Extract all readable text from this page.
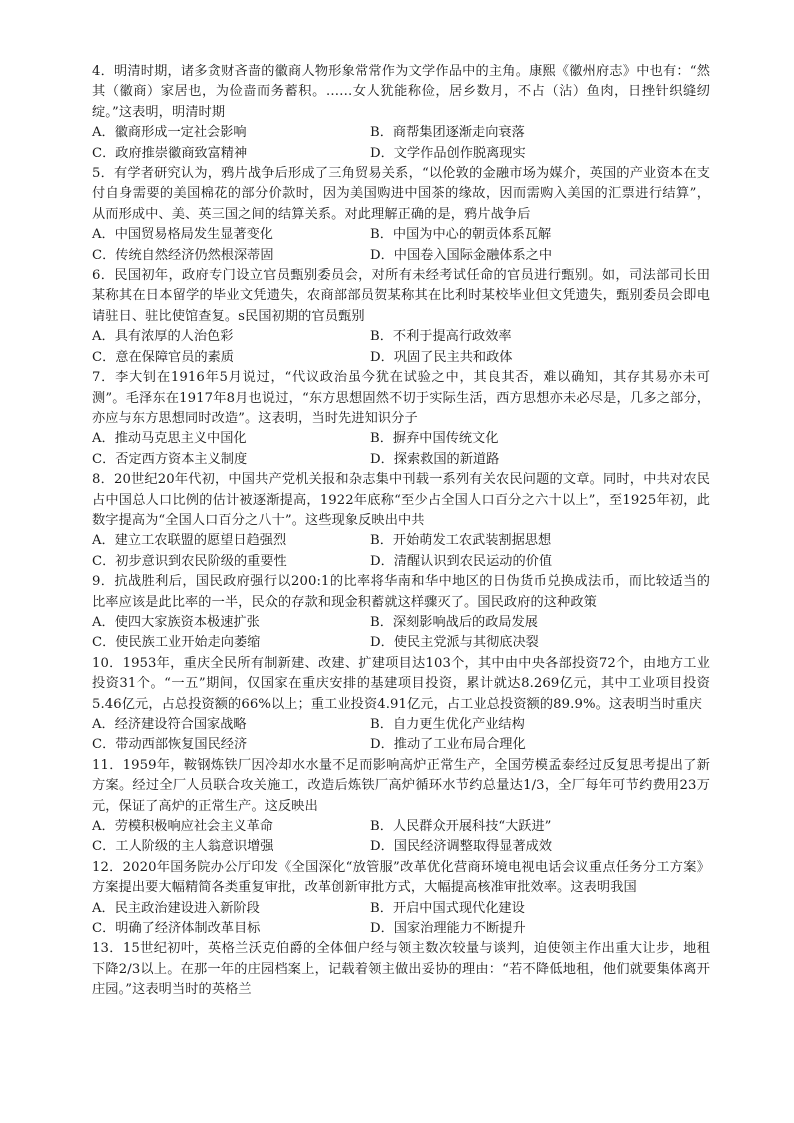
4．明清时期，诸多贪财吝啬的徽商人物形象常常作为文学作品中的主角。康熙《徽州府志》中也有：“然其（徽商）家居也，为俭啬而务蓄积。……女人犹能称俭，居乡数月，不占（沾）鱼肉，日挫针织缝纫绽。”这表明，明清时期

A．徽商形成一定社会影响	B．商帮集团逐渐走向衰落
C．政府推崇徽商致富精神	D．文学作品创作脱离现实

5．有学者研究认为，鸦片战争后形成了三角贸易关系，“以伦敦的金融市场为媒介，英国的产业资本在支付自身需要的美国棉花的部分价款时，因为美国购进中国茶的缘故，因而需购入美国的汇票进行结算”，从而形成中、美、英三国之间的结算关系。对此理解正确的是，鸦片战争后

A．中国贸易格局发生显著变化	B．中国为中心的朝贡体系瓦解
C．传统自然经济仍然根深蒂固	D．中国卷入国际金融体系之中

6．民国初年，政府专门设立官员甄别委员会，对所有未经考试任命的官员进行甄别。如，司法部司长田某称其在日本留学的毕业文凭遗失，农商部部员贺某称其在比利时某校毕业但文凭遗失，甄别委员会即电请驻日、驻比使馆查复。s民国初期的官员甄别

A．具有浓厚的人治色彩	B．不利于提高行政效率
C．意在保障官员的素质	D．巩固了民主共和政体

7．李大钊在1916年5月说过，“代议政治虽今犹在试验之中，其良其否，难以确知，其存其易亦未可测”。毛泽东在1917年8月也说过，“东方思想固然不切于实际生活，西方思想亦未必尽是，几多之部分，亦应与东方思想同时改造”。这表明，当时先进知识分子

A．推动马克思主义中国化	B．摒弃中国传统文化
C．否定西方资本主义制度	D．探索救国的新道路

8．20世纪20年代初，中国共产党机关报和杂志集中刊载一系列有关农民问题的文章。同时，中共对农民占中国总人口比例的估计被逐渐提高，1922年底称“至少占全国人口百分之六十以上”，至1925年初，此数字提高为“全国人口百分之八十”。这些现象反映出中共

A．建立工农联盟的愿望日趋强烈	B．开始萌发工农武装割据思想
C．初步意识到农民阶级的重要性	D．清醒认识到农民运动的价值

9．抗战胜利后，国民政府强行以200:1的比率将华南和华中地区的日伪货币兑换成法币，而比较适当的比率应该是此比率的一半，民众的存款和现金积蓄就这样骤灭了。国民政府的这种政策

A．使四大家族资本极速扩张	B．深刻影响战后的政局发展
C．使民族工业开始走向萎缩	D．使民主党派与其彻底决裂

10．1953年，重庆全民所有制新建、改建、扩建项目达103个，其中由中央各部投资72个，由地方工业投资31个。“一五”期间，仅国家在重庆安排的基建项目投资，累计就达8.269亿元，其中工业项目投资5.46亿元，占总投资额的66%以上；重工业投资4.91亿元，占工业总投资额的89.9%。这表明当时重庆

A．经济建设符合国家战略	B．自力更生优化产业结构
C．带动西部恢复国民经济	D．推动了工业布局合理化

11．1959年，鞍钢炼铁厂因冷却水水量不足而影响高炉正常生产，全国劳模孟泰经过反复思考提出了新方案。经过全厂人员联合攻关施工，改造后炼铁厂高炉循环水节约总量达1/3，全厂每年可节约费用23万元，保证了高炉的正常生产。这反映出

A．劳模积极响应社会主义革命	B．人民群众开展科技“大跃进”
C．工人阶级的主人翁意识增强	D．国民经济调整取得显著成效

12．2020年国务院办公厅印发《全国深化“放管服”改革优化营商环境电视电话会议重点任务分工方案》方案提出要大幅精简各类重复审批，改革创新审批方式，大幅提高核准审批效率。这表明我国

A．民主政治建设进入新阶段	B．开启中国式现代化建设
C．明确了经济体制改革目标	D．国家治理能力不断提升

13．15世纪初叶，英格兰沃克伯爵的全体佃户经与领主数次较量与谈判，迫使领主作出重大让步，地租下降2/3以上。在那一年的庄园档案上，记载着领主做出妥协的理由：“若不降低地租，他们就要集体离开庄园。”这表明当时的英格兰
